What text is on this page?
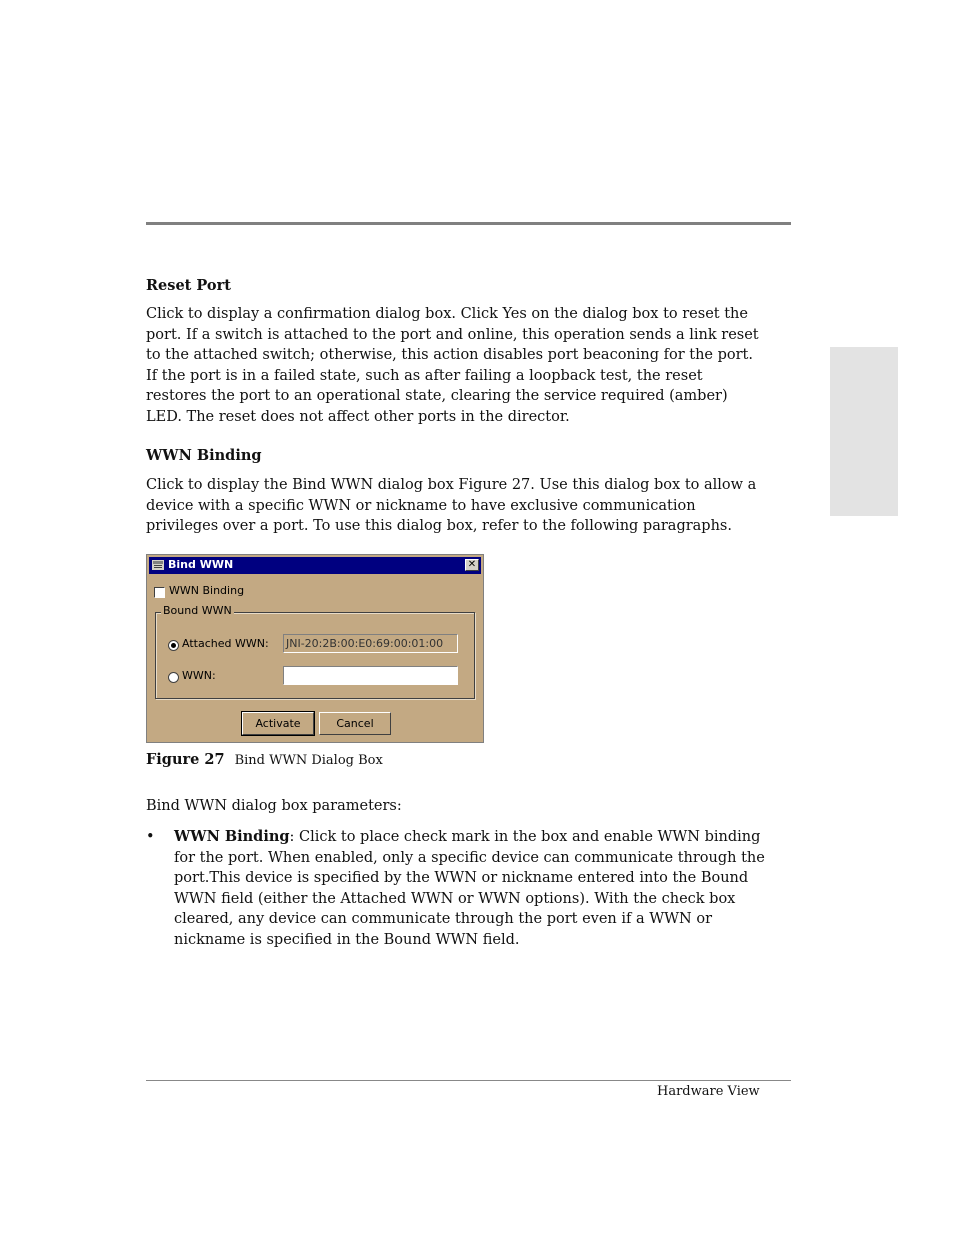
Reset Port

Click to display a confirmation dialog box. Click Yes on the dialog box to reset the port. If a switch is attached to the port and online, this operation sends a link reset to the attached switch; otherwise, this action disables port beaconing for the port. If the port is in a failed state, such as after failing a loopback test, the reset restores the port to an operational state, clearing the service required (amber) LED. The reset does not affect other ports in the director.

WWN Binding

Click to display the Bind WWN dialog box Figure 27. Use this dialog box to allow a device with a specific WWN or nickname to have exclusive communication privileges over a port. To use this dialog box, refer to the following paragraphs.

Bind WWN	✕
WWN Binding
Bound WWN
Attached WWN: JNI-20:2B:00:E0:69:00:01:00
WWN:
Activate	Cancel
Figure 27 Bind WWN Dialog Box

Bind WWN dialog box parameters:

• WWN Binding: Click to place check mark in the box and enable WWN binding for the port. When enabled, only a specific device can communicate through the port.This device is specified by the WWN or nickname entered into the Bound WWN field (either the Attached WWN or WWN options). With the check box cleared, any device can communicate through the port even if a WWN or nickname is specified in the Bound WWN field.

Hardware View
